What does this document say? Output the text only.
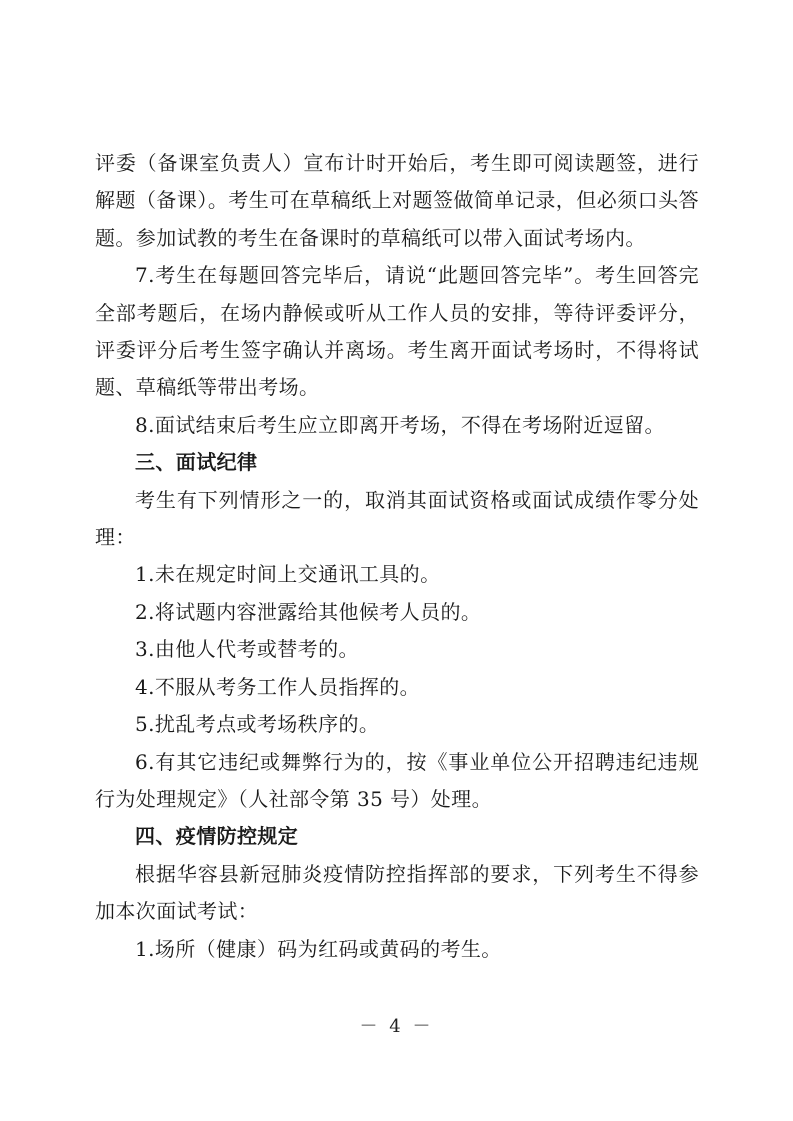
评委（备课室负责人）宣布计时开始后，考生即可阅读题签，进行解题（备课）。考生可在草稿纸上对题签做简单记录，但必须口头答题。参加试教的考生在备课时的草稿纸可以带入面试考场内。

7.考生在每题回答完毕后，请说“此题回答完毕”。考生回答完全部考题后，在场内静候或听从工作人员的安排，等待评委评分，评委评分后考生签字确认并离场。考生离开面试考场时，不得将试题、草稿纸等带出考场。

8.面试结束后考生应立即离开考场，不得在考场附近逗留。

三、面试纪律

考生有下列情形之一的，取消其面试资格或面试成绩作零分处理：

1.未在规定时间上交通讯工具的。

2.将试题内容泄露给其他候考人员的。

3.由他人代考或替考的。

4.不服从考务工作人员指挥的。

5.扰乱考点或考场秩序的。

6.有其它违纪或舞弊行为的，按《事业单位公开招聘违纪违规行为处理规定》（人社部令第 35 号）处理。

四、疫情防控规定

根据华容县新冠肺炎疫情防控指挥部的要求，下列考生不得参加本次面试考试：

1.场所（健康）码为红码或黄码的考生。

－ 4 －
